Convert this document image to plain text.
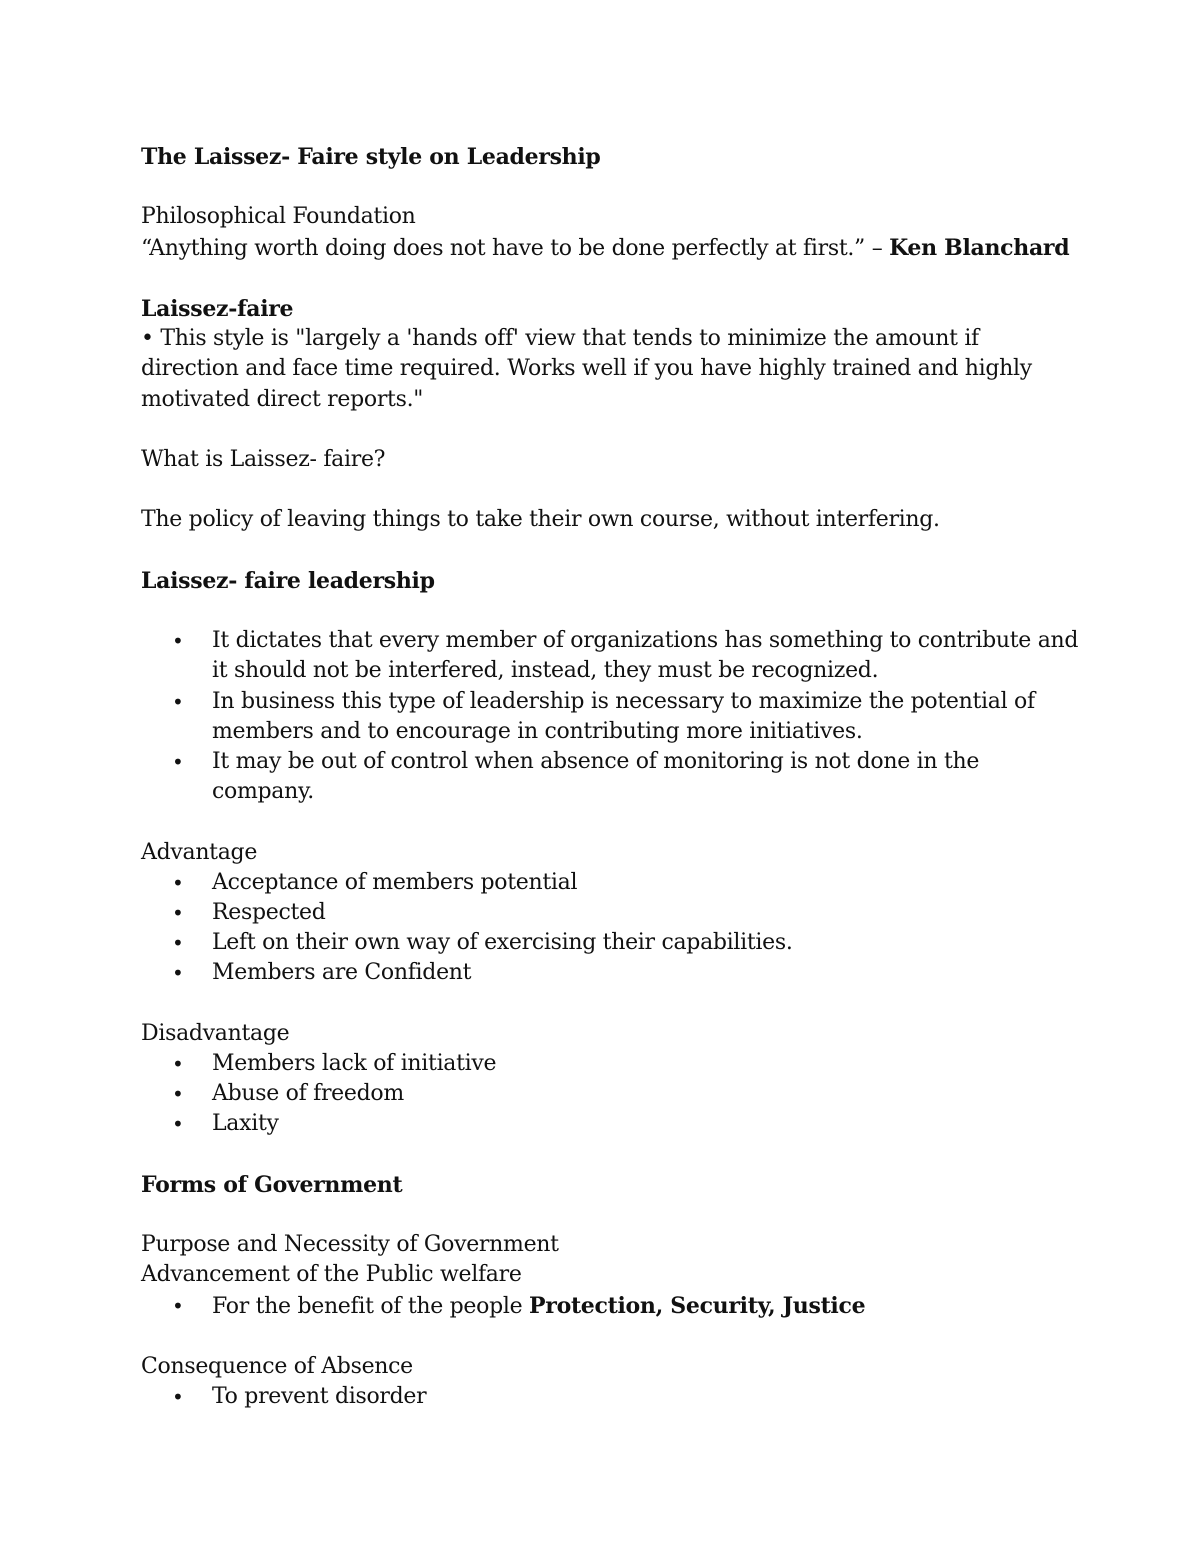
The Laissez- Faire style on Leadership

Philosophical Foundation

“Anything worth doing does not have to be done perfectly at first.” – Ken Blanchard

Laissez-faire

• This style is "largely a 'hands off' view that tends to minimize the amount if direction and face time required. Works well if you have highly trained and highly motivated direct reports."

What is Laissez- faire?

The policy of leaving things to take their own course, without interfering.

Laissez- faire leadership

• It dictates that every member of organizations has something to contribute and it should not be interfered, instead, they must be recognized.
• In business this type of leadership is necessary to maximize the potential of members and to encourage in contributing more initiatives.
• It may be out of control when absence of monitoring is not done in the company.

Advantage

• Acceptance of members potential
• Respected
• Left on their own way of exercising their capabilities.
• Members are Confident

Disadvantage

• Members lack of initiative
• Abuse of freedom
• Laxity

Forms of Government

Purpose and Necessity of Government

Advancement of the Public welfare

• For the benefit of the people Protection, Security, Justice

Consequence of Absence

• To prevent disorder
